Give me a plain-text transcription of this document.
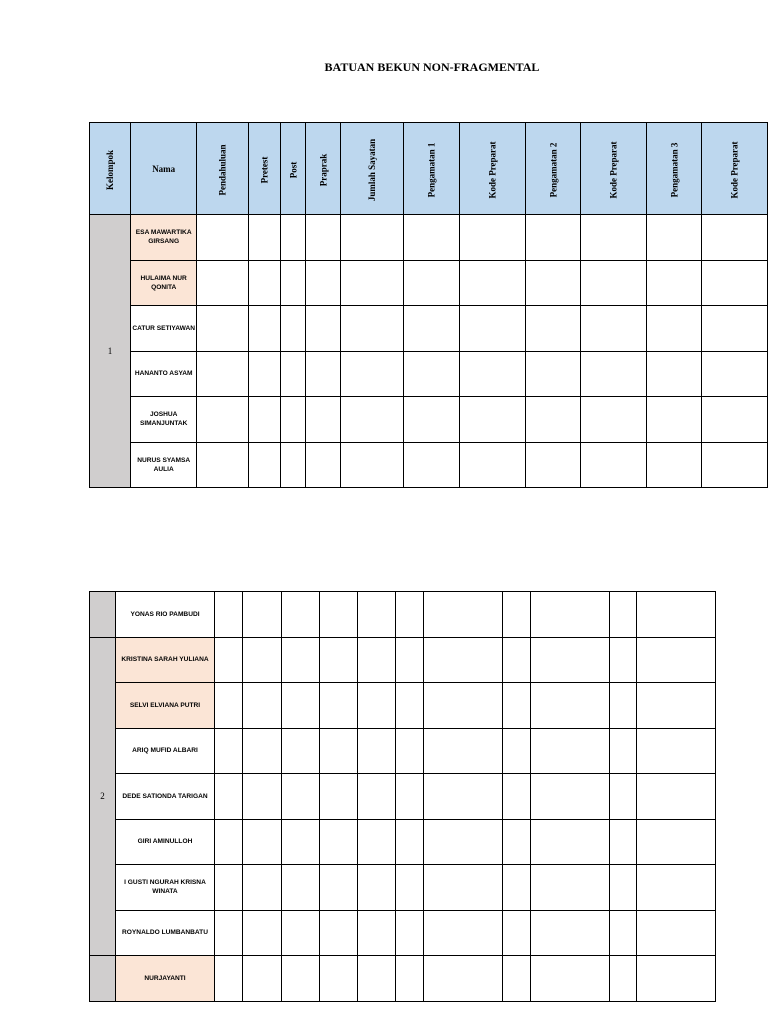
BATUAN BEKUN NON-FRAGMENTAL
Kelompok	Nama	Pendahuluan	Pretest	Post	Praprak	Jumlah Sayatan	Pengamatan 1	Kode Preparat	Pengamatan 2	Kode Preparat	Pengamatan 3	Kode Preparat
1	ESA MAWARTIKA GIRSANG											
	HULAIMA NUR QONITA											
	CATUR SETIYAWAN											
	HANANTO ASYAM											
	JOSHUA SIMANJUNTAK											
	NURUS SYAMSA AULIA											
	YONAS RIO PAMBUDI											
2	KRISTINA SARAH YULIANA											
	SELVI ELVIANA PUTRI											
	ARIQ MUFID ALBARI											
	DEDE SATIONDA TARIGAN											
	GIRI AMINULLOH											
	I GUSTI NGURAH KRISNA WINATA											
	ROYNALDO LUMBANBATU											
	NURJAYANTI											
